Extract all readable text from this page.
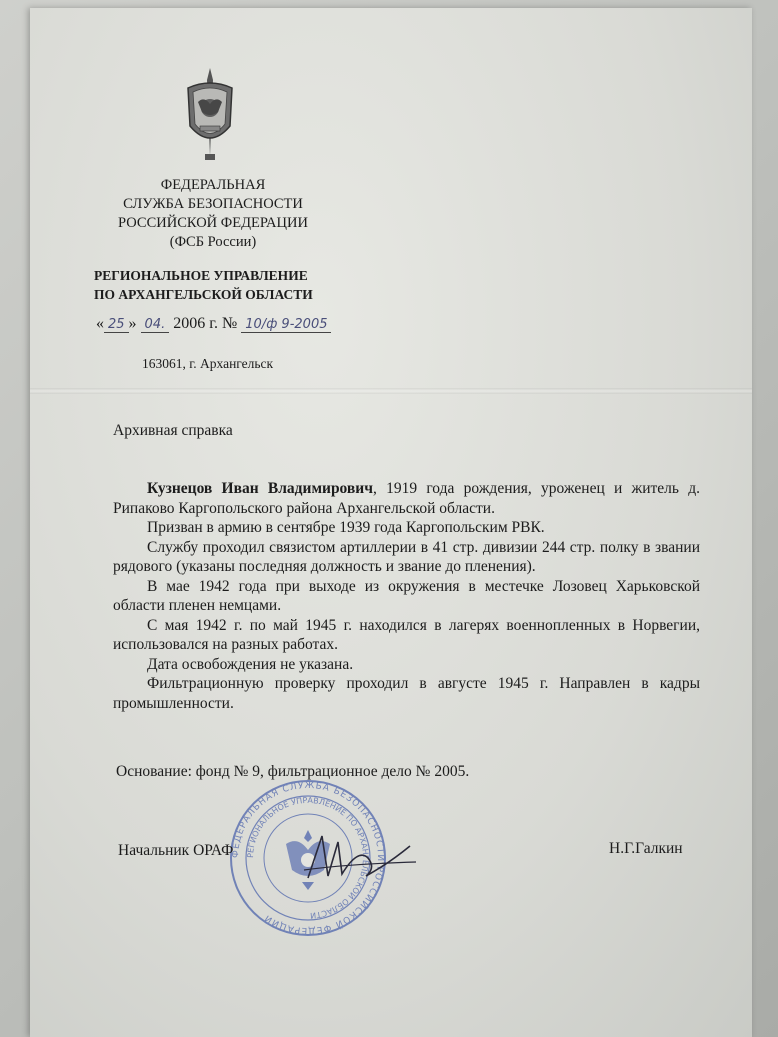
ФЕДЕРАЛЬНАЯ
СЛУЖБА БЕЗОПАСНОСТИ
РОССИЙСКОЙ ФЕДЕРАЦИИ
(ФСБ России)
РЕГИОНАЛЬНОЕ УПРАВЛЕНИЕ
ПО АРХАНГЕЛЬСКОЙ ОБЛАСТИ
« 25 » 04. 2006 г. № 10/ф 9-2005
163061, г. Архангельск
Архивная справка

Кузнецов Иван Владимирович, 1919 года рождения, уроженец и житель д. Рипаково Каргопольского района Архангельской области.

Призван в армию в сентябре 1939 года Каргопольским РВК.

Службу проходил связистом артиллерии в 41 стр. дивизии 244 стр. полку в звании рядового (указаны последняя должность и звание до пленения).

В мае 1942 года при выходе из окружения в местечке Лозовец Харьковской области пленен немцами.

С мая 1942 г. по май 1945 г. находился в лагерях военнопленных в Норвегии, использовался на разных работах.

Дата освобождения не указана.

Фильтрационную проверку проходил в августе 1945 г. Направлен в кадры промышленности.

Основание: фонд № 9, фильтрационное дело № 2005.
ФЕДЕРАЛЬНАЯ СЛУЖБА БЕЗОПАСНОСТИ РОССИЙСКОЙ ФЕДЕРАЦИИ
РЕГИОНАЛЬНОЕ УПРАВЛЕНИЕ ПО АРХАНГЕЛЬСКОЙ ОБЛАСТИ
Начальник ОРАФ	Н.Г.Галкин
